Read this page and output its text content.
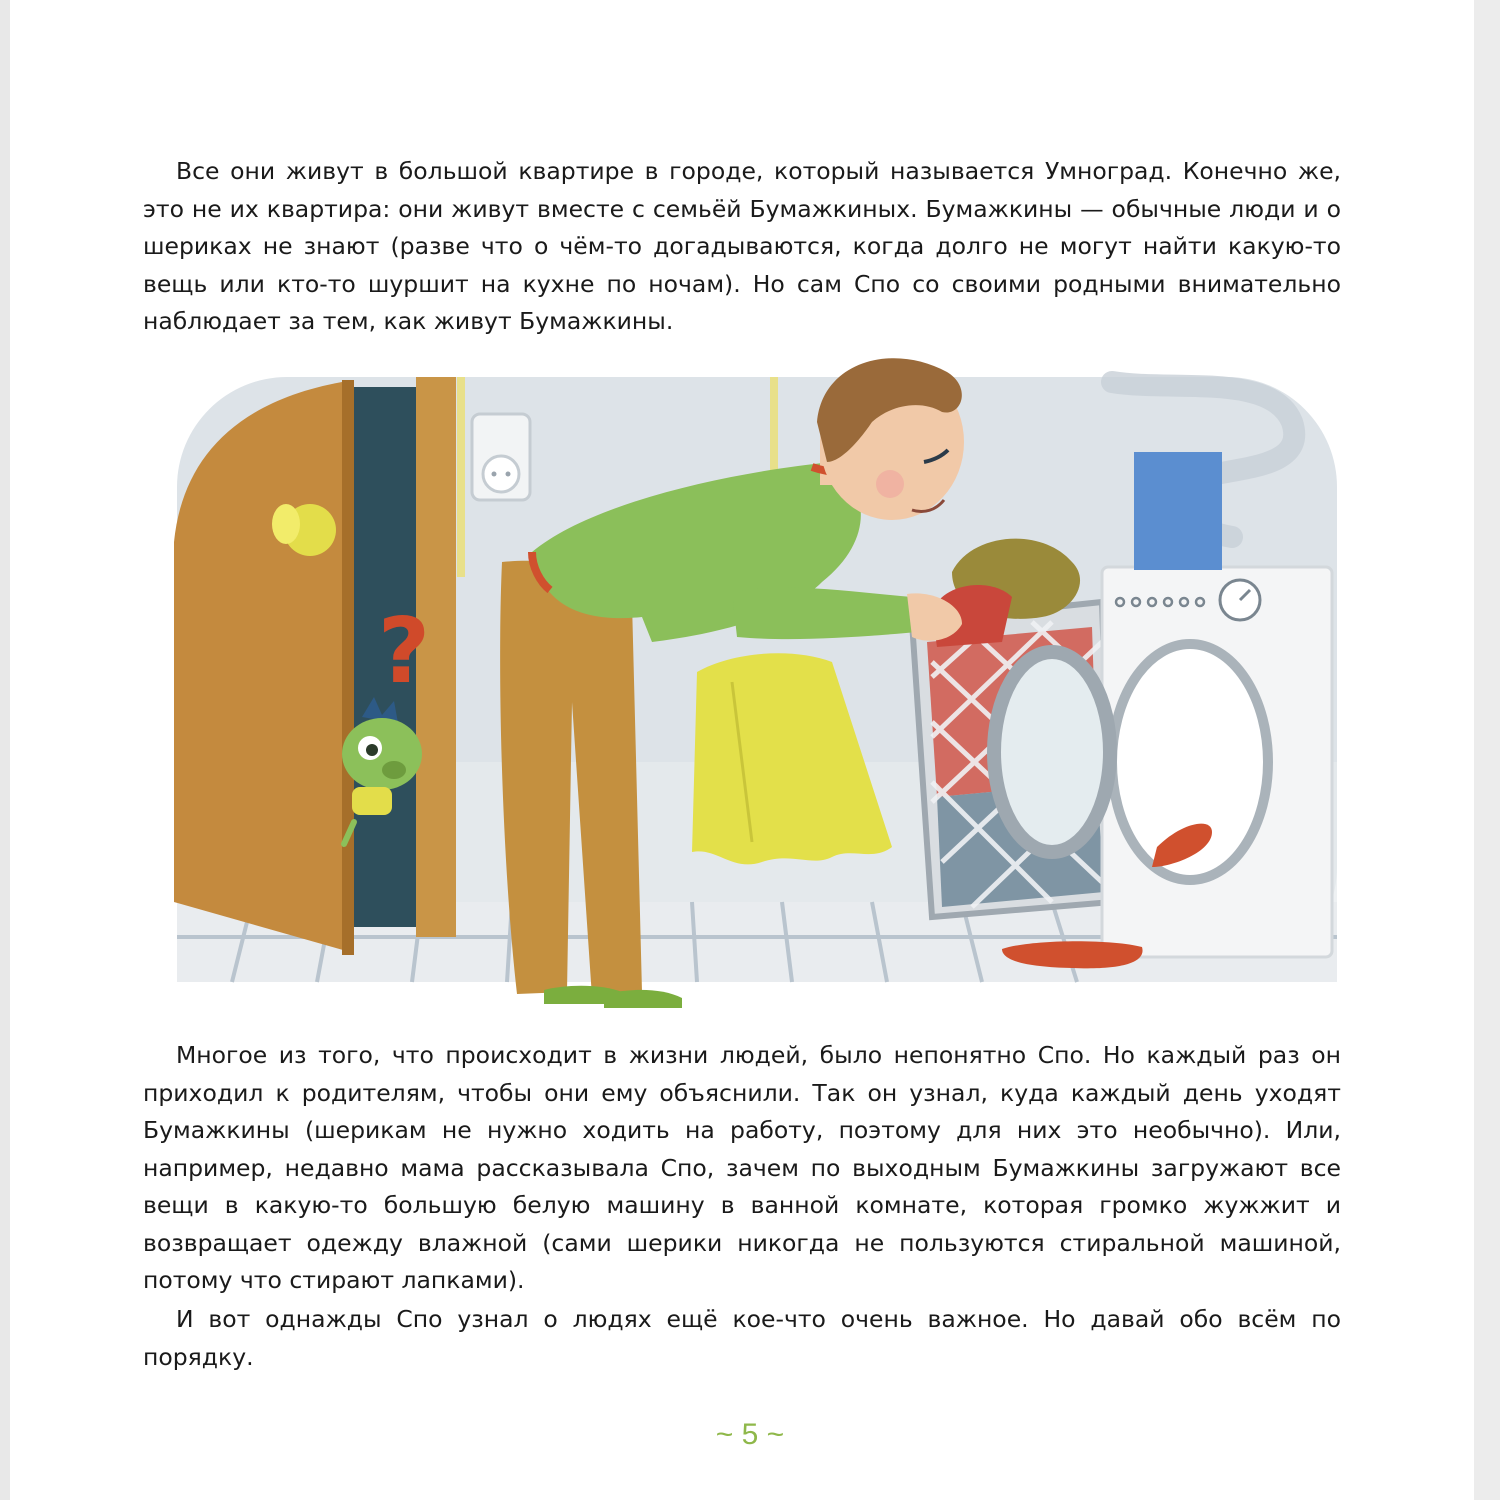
Все они живут в большой квартире в городе, который называется Умноград. Конечно же, это не их квартира: они живут вместе с семьёй Бумажкиных. Бумажкины — обычные люди и о шериках не знают (разве что о чём-то догадываются, когда долго не могут найти какую-то вещь или кто-то шуршит на кухне по ночам). Но сам Спо со своими родными внимательно наблюдает за тем, как живут Бумажкины.

?

Многое из того, что происходит в жизни людей, было непонятно Спо. Но каждый раз он приходил к родителям, чтобы они ему объяснили. Так он узнал, куда каждый день уходят Бумажкины (шерикам не нужно ходить на работу, поэтому для них это необычно). Или, например, недавно мама рассказывала Спо, зачем по выходным Бумажкины загружают все вещи в какую-то большую белую машину в ванной комнате, которая громко жужжит и возвращает одежду влажной (сами шерики никогда не пользуются стиральной машиной, потому что стирают лапками).

И вот однажды Спо узнал о людях ещё кое-что очень важное. Но давай обо всём по порядку.

~ 5 ~
